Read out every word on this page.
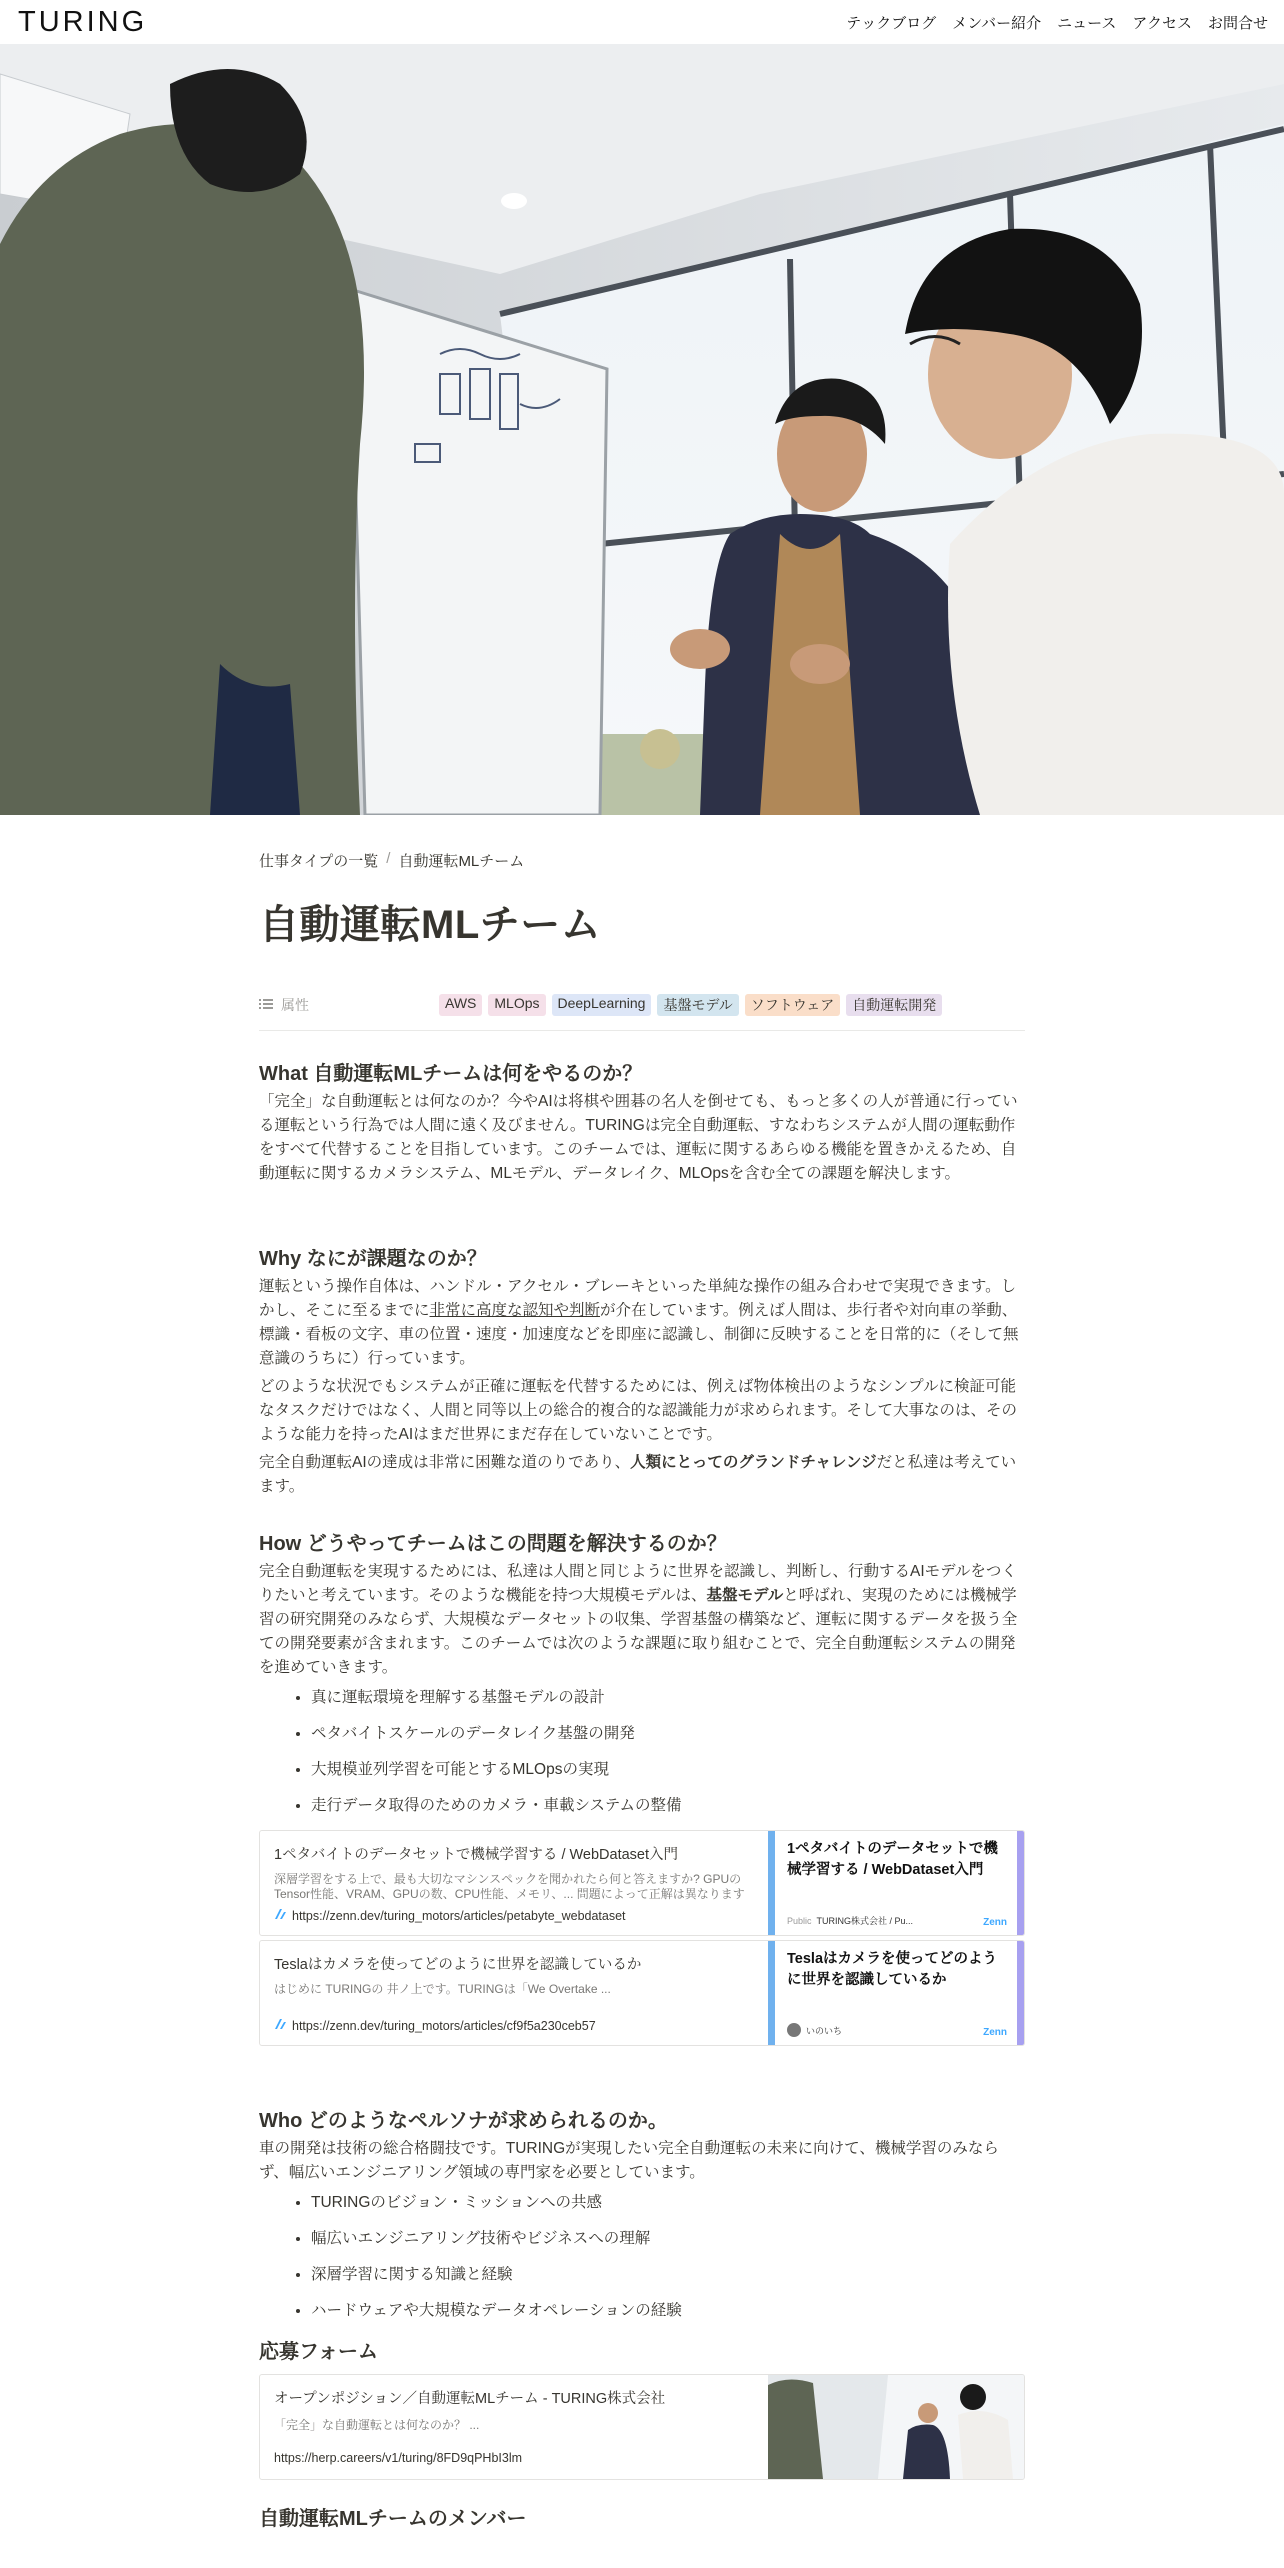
TURING	テックブログ メンバー紹介 ニュース アクセス お問合せ
仕事タイプの一覧 / 自動運転MLチーム
自動運転MLチーム
属性	AWS	MLOps	DeepLearning	基盤モデル	ソフトウェア	自動運転開発
What 自動運転MLチームは何をやるのか？

「完全」な自動運転とは何なのか？今やAIは将棋や囲碁の名人を倒せても、もっと多くの人が普通に行っている運転という行為では人間に遠く及びません。TURINGは完全自動運転、すなわちシステムが人間の運転動作をすべて代替することを目指しています。このチームでは、運転に関するあらゆる機能を置きかえるため、自動運転に関するカメラシステム、MLモデル、データレイク、MLOpsを含む全ての課題を解決します。

Why なにが課題なのか？

運転という操作自体は、ハンドル・アクセル・ブレーキといった単純な操作の組み合わせで実現できます。しかし、そこに至るまでに非常に高度な認知や判断が介在しています。例えば人間は、歩行者や対向車の挙動、標識・看板の文字、車の位置・速度・加速度などを即座に認識し、制御に反映することを日常的に（そして無意識のうちに）行っています。

どのような状況でもシステムが正確に運転を代替するためには、例えば物体検出のようなシンプルに検証可能なタスクだけではなく、人間と同等以上の総合的複合的な認識能力が求められます。そして大事なのは、そのような能力を持ったAIはまだ世界にまだ存在していないことです。

完全自動運転AIの達成は非常に困難な道のりであり、人類にとってのグランドチャレンジだと私達は考えています。

How どうやってチームはこの問題を解決するのか？

完全自動運転を実現するためには、私達は人間と同じように世界を認識し、判断し、行動するAIモデルをつくりたいと考えています。そのような機能を持つ大規模モデルは、基盤モデルと呼ばれ、実現のためには機械学習の研究開発のみならず、大規模なデータセットの収集、学習基盤の構築など、運転に関するデータを扱う全ての開発要素が含まれます。このチームでは次のような課題に取り組むことで、完全自動運転システムの開発を進めていきます。

• 真に運転環境を理解する基盤モデルの設計
• ペタバイトスケールのデータレイク基盤の開発
• 大規模並列学習を可能とするMLOpsの実現
• 走行データ取得のためのカメラ・車載システムの整備
1ペタバイトのデータセットで機械学習する / WebDataset入門
深層学習をする上で、最も大切なマシンスペックを聞かれたら何と答えますか? GPUのTensor性能、VRAM、GPUの数、CPU性能、メモリ、... 問題によって正解は異なります
https://zenn.dev/turing_motors/articles/petabyte_webdataset
1ペタバイトのデータセットで機械学習する / WebDataset入門
Public TURING株式会社 / Pu...	Zenn
Teslaはカメラを使ってどのように世界を認識しているか
はじめに TURINGの 井ノ上です。TURINGは「We Overtake ...
https://zenn.dev/turing_motors/articles/cf9f5a230ceb57
Teslaはカメラを使ってどのように世界を認識しているか
いのいち	Zenn
Who どのようなペルソナが求められるのか。

車の開発は技術の総合格闘技です。TURINGが実現したい完全自動運転の未来に向けて、機械学習のみならず、幅広いエンジニアリング領域の専門家を必要としています。

• TURINGのビジョン・ミッションへの共感
• 幅広いエンジニアリング技術やビジネスへの理解
• 深層学習に関する知識と経験
• ハードウェアや大規模なデータオペレーションの経験
応募フォーム
オープンポジション／自動運転MLチーム - TURING株式会社
「完全」な自動運転とは何なのか？ ...
https://herp.careers/v1/turing/8FD9qPHbI3lm
自動運転MLチームのメンバー
